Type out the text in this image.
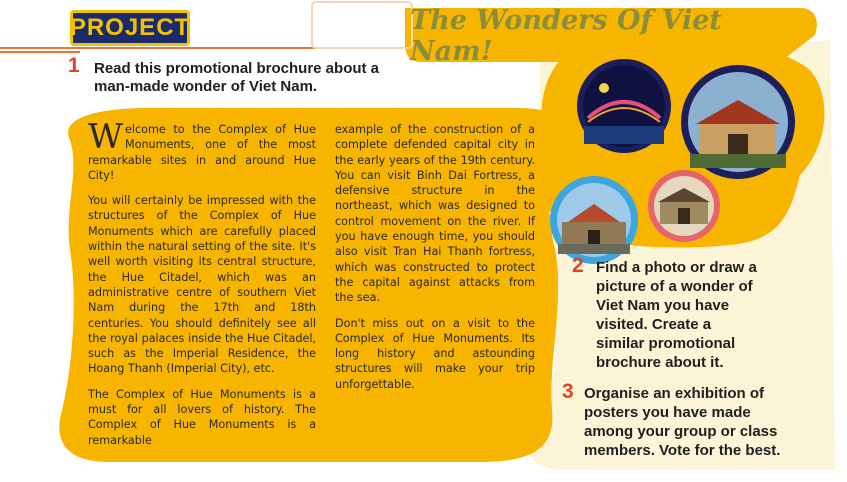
PROJECT	The Wonders Of Viet Nam!
1 Read this promotional brochure about a man-made wonder of Viet Nam.

Welcome to the Complex of Hue Monuments, one of the most remarkable sites in and around Hue City!

You will certainly be impressed with the structures of the Complex of Hue Monuments which are carefully placed within the natural setting of the site. It's well worth visiting its central structure, the Hue Citadel, which was an administrative centre of southern Viet Nam during the 17th and 18th centuries. You should definitely see all the royal palaces inside the Hue Citadel, such as the Imperial Residence, the Hoang Thanh (Imperial City), etc.

The Complex of Hue Monuments is a must for all lovers of history. The Complex of Hue Monuments is a remarkable

example of the construction of a complete defended capital city in the early years of the 19th century. You can visit Binh Dai Fortress, a defensive structure in the northeast, which was designed to control movement on the river. If you have enough time, you should also visit Tran Hai Thanh fortress, which was constructed to protect the capital against attacks from the sea.

Don't miss out on a visit to the Complex of Hue Monuments. Its long history and astounding structures will make your trip unforgettable.

2 Find a photo or draw a picture of a wonder of Viet Nam you have visited. Create a similar promotional brochure about it.
3 Organise an exhibition of posters you have made among your group or class members. Vote for the best.
